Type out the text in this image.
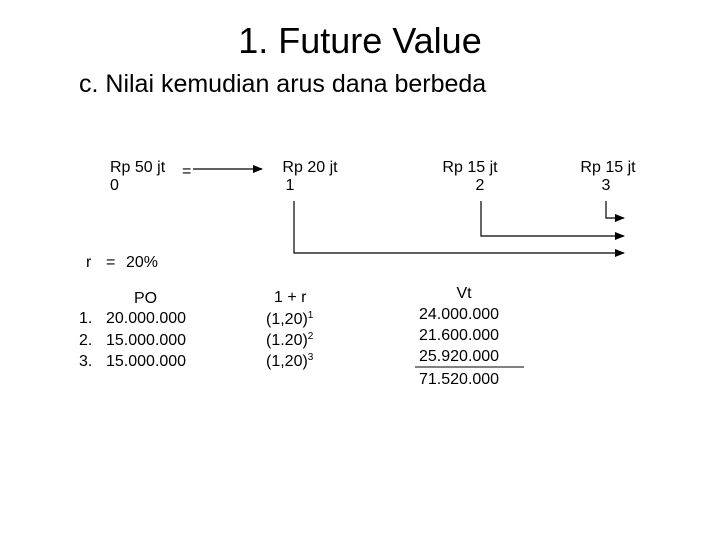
1. Future Value
c. Nilai kemudian arus dana berbeda
Rp 50 jt =
0
Rp 20 jt
1
Rp 15 jt
2
Rp 15 jt
3
r = 20%
PO
1. 20.000.000
2. 15.000.000
3. 15.000.000
1 + r
$(1,20)^1$
$(1.20)^2$
$(1,20)^3$
Vt
24.000.000
21.600.000
25.920.000
71.520.000
